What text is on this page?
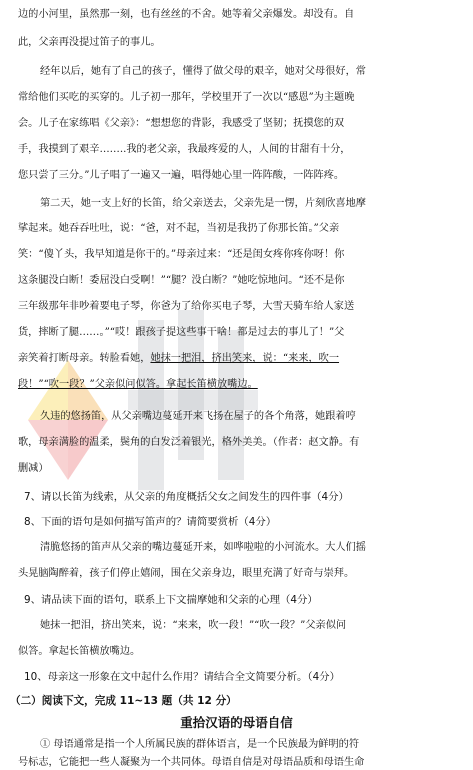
边的小河里，虽然那一刻，也有丝丝的不舍。她等着父亲爆发。却没有。自

此，父亲再没提过笛子的事儿。

经年以后，她有了自己的孩子，懂得了做父母的艰辛，她对父母很好，常

常给他们买吃的买穿的。儿子初一那年，学校里开了一次以“感恩”为主题晚

会。儿子在家练唱《父亲》：“想想您的背影，我感受了坚韧；抚摸您的双

手，我摸到了艰辛……..我的老父亲，我最疼爱的人，人间的甘甜有十分，

您只尝了三分。”儿子唱了一遍又一遍，唱得她心里一阵阵酸，一阵阵疼。

第二天，她一支上好的长笛，给父亲送去，父亲先是一愣，片刻欣喜地摩

挲起来。她吞吞吐吐，说：“爸，对不起，当初是我扔了你那长笛。”父亲

笑：“傻丫头，我早知道是你干的。”母亲过来：“还是闺女疼你疼你呀！你

这条腿没白断！委屈没白受啊！”“腿？没白断？”她吃惊地问。“还不是你

三年级那年非吵着要电子琴，你爸为了给你买电子琴，大雪天骑车给人家送

货，摔断了腿……。”“哎！跟孩子提这些事干啥！都是过去的事儿了！”父

亲笑着打断母亲。转脸看她，她抹一把泪，挤出笑来，说：“来来，吹一

段！”“吹一段？”父亲似问似答。拿起长笛横放嘴边。

久违的悠扬笛，从父亲嘴边蔓延开来飞扬在屋子的各个角落，她跟着哼

歌，母亲满脸的温柔，鬓角的白发泛着银光，格外美美。（作者：赵文静。有

删减）

7、请以长笛为线索，从父亲的角度概括父女之间发生的四件事（4分）

8、下面的语句是如何描写笛声的？请简要赏析（4分）

清脆悠扬的笛声从父亲的嘴边蔓延开来，如哗啦啦的小河流水。大人们摇

头晃脑陶醉着，孩子们停止嬉闹，围在父亲身边，眼里充满了好奇与崇拜。

9、请品读下面的语句，联系上下文揣摩她和父亲的心理（4分）

她抹一把泪，挤出笑来，说：“来来，吹一段！”“吹一段？”父亲似问

似答。拿起长笛横放嘴边。

10、母亲这一形象在文中起什么作用？请结合全文简要分析。（4分）

（二）阅读下文，完成 11~13 题（共 12 分）

重拾汉语的母语自信

① 母语通常是指一个人所属民族的群体语言，是一个民族最为鲜明的符

号标志，它能把一些人凝聚为一个共同体。母语自信是对母语品质和母语生命
